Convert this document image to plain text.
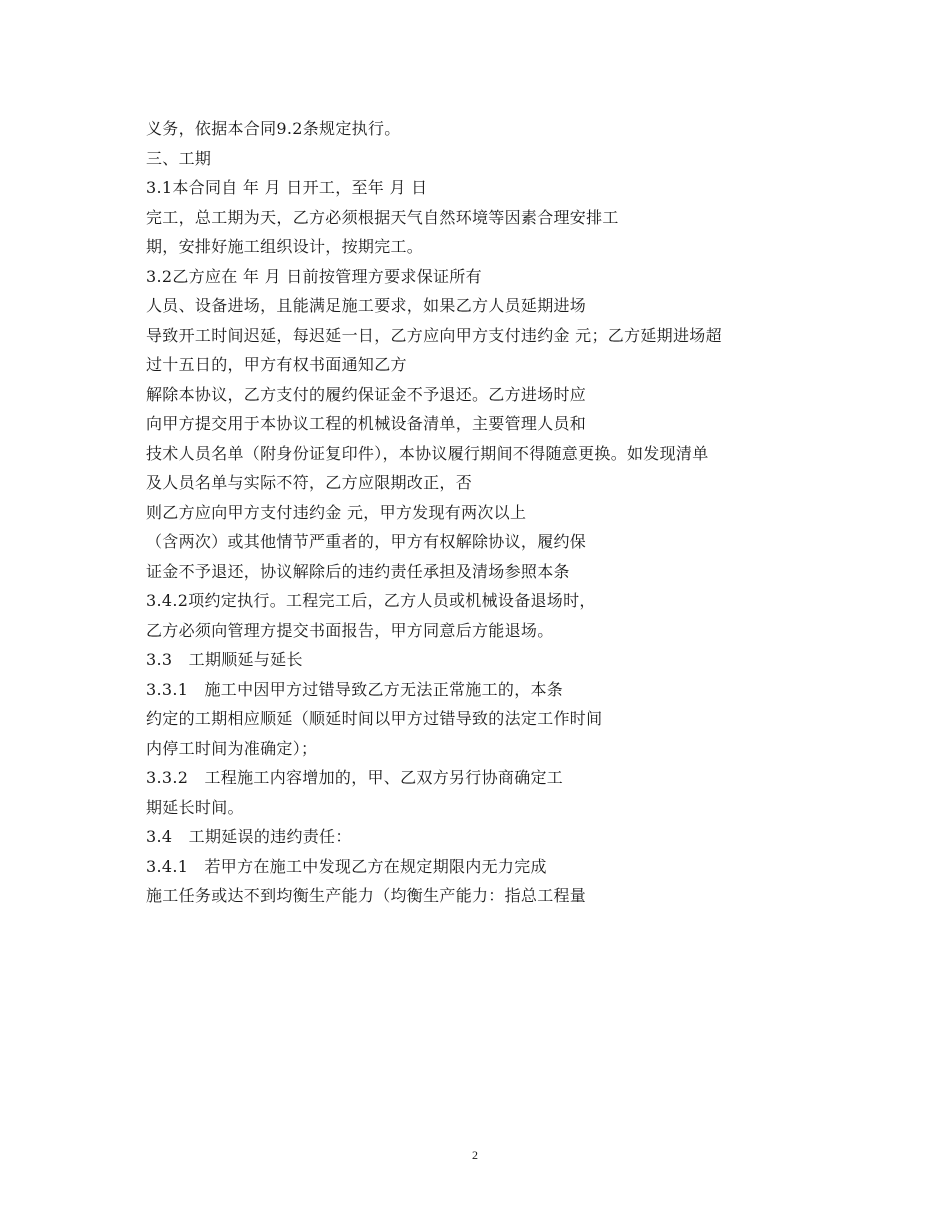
义务，依据本合同9.2条规定执行。
三、工期
3.1本合同自 年 月 日开工，至年 月 日
完工，总工期为天，乙方必须根据天气自然环境等因素合理安排工
期，安排好施工组织设计，按期完工。
3.2乙方应在 年 月 日前按管理方要求保证所有
人员、设备进场，且能满足施工要求，如果乙方人员延期进场
导致开工时间迟延，每迟延一日，乙方应向甲方支付违约金 元；乙方延期进场超
过十五日的，甲方有权书面通知乙方
解除本协议，乙方支付的履约保证金不予退还。乙方进场时应
向甲方提交用于本协议工程的机械设备清单，主要管理人员和
技术人员名单（附身份证复印件），本协议履行期间不得随意更换。如发现清单
及人员名单与实际不符，乙方应限期改正，否
则乙方应向甲方支付违约金 元，甲方发现有两次以上
（含两次）或其他情节严重者的，甲方有权解除协议，履约保
证金不予退还，协议解除后的违约责任承担及清场参照本条
3.4.2项约定执行。工程完工后，乙方人员或机械设备退场时，
乙方必须向管理方提交书面报告，甲方同意后方能退场。
3.3　工期顺延与延长
3.3.1　施工中因甲方过错导致乙方无法正常施工的，本条
约定的工期相应顺延（顺延时间以甲方过错导致的法定工作时间
内停工时间为准确定）；
3.3.2　工程施工内容增加的，甲、乙双方另行协商确定工
期延长时间。
3.4　工期延误的违约责任：
3.4.1　若甲方在施工中发现乙方在规定期限内无力完成
施工任务或达不到均衡生产能力（均衡生产能力：指总工程量
2
